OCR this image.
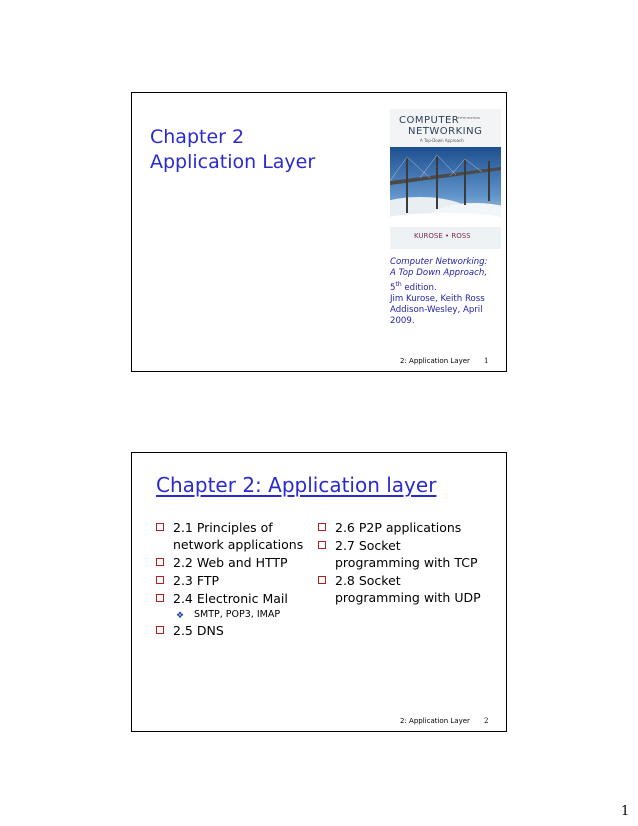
Chapter 2
Application Layer
COMPUTER
FIFTH EDITION
NETWORKING
A Top-Down Approach
KUROSE • ROSS
Computer Networking:
A Top Down Approach,
5th edition.
Jim Kurose, Keith Ross
Addison-Wesley, April
2009.
2: Application Layer 1
Chapter 2: Application layer
2.1 Principles of network applications
2.2 Web and HTTP
2.3 FTP
2.4 Electronic Mail
❖ SMTP, POP3, IMAP
2.5 DNS
2.6 P2P applications
2.7 Socket programming with TCP
2.8 Socket programming with UDP
2: Application Layer 2
1
